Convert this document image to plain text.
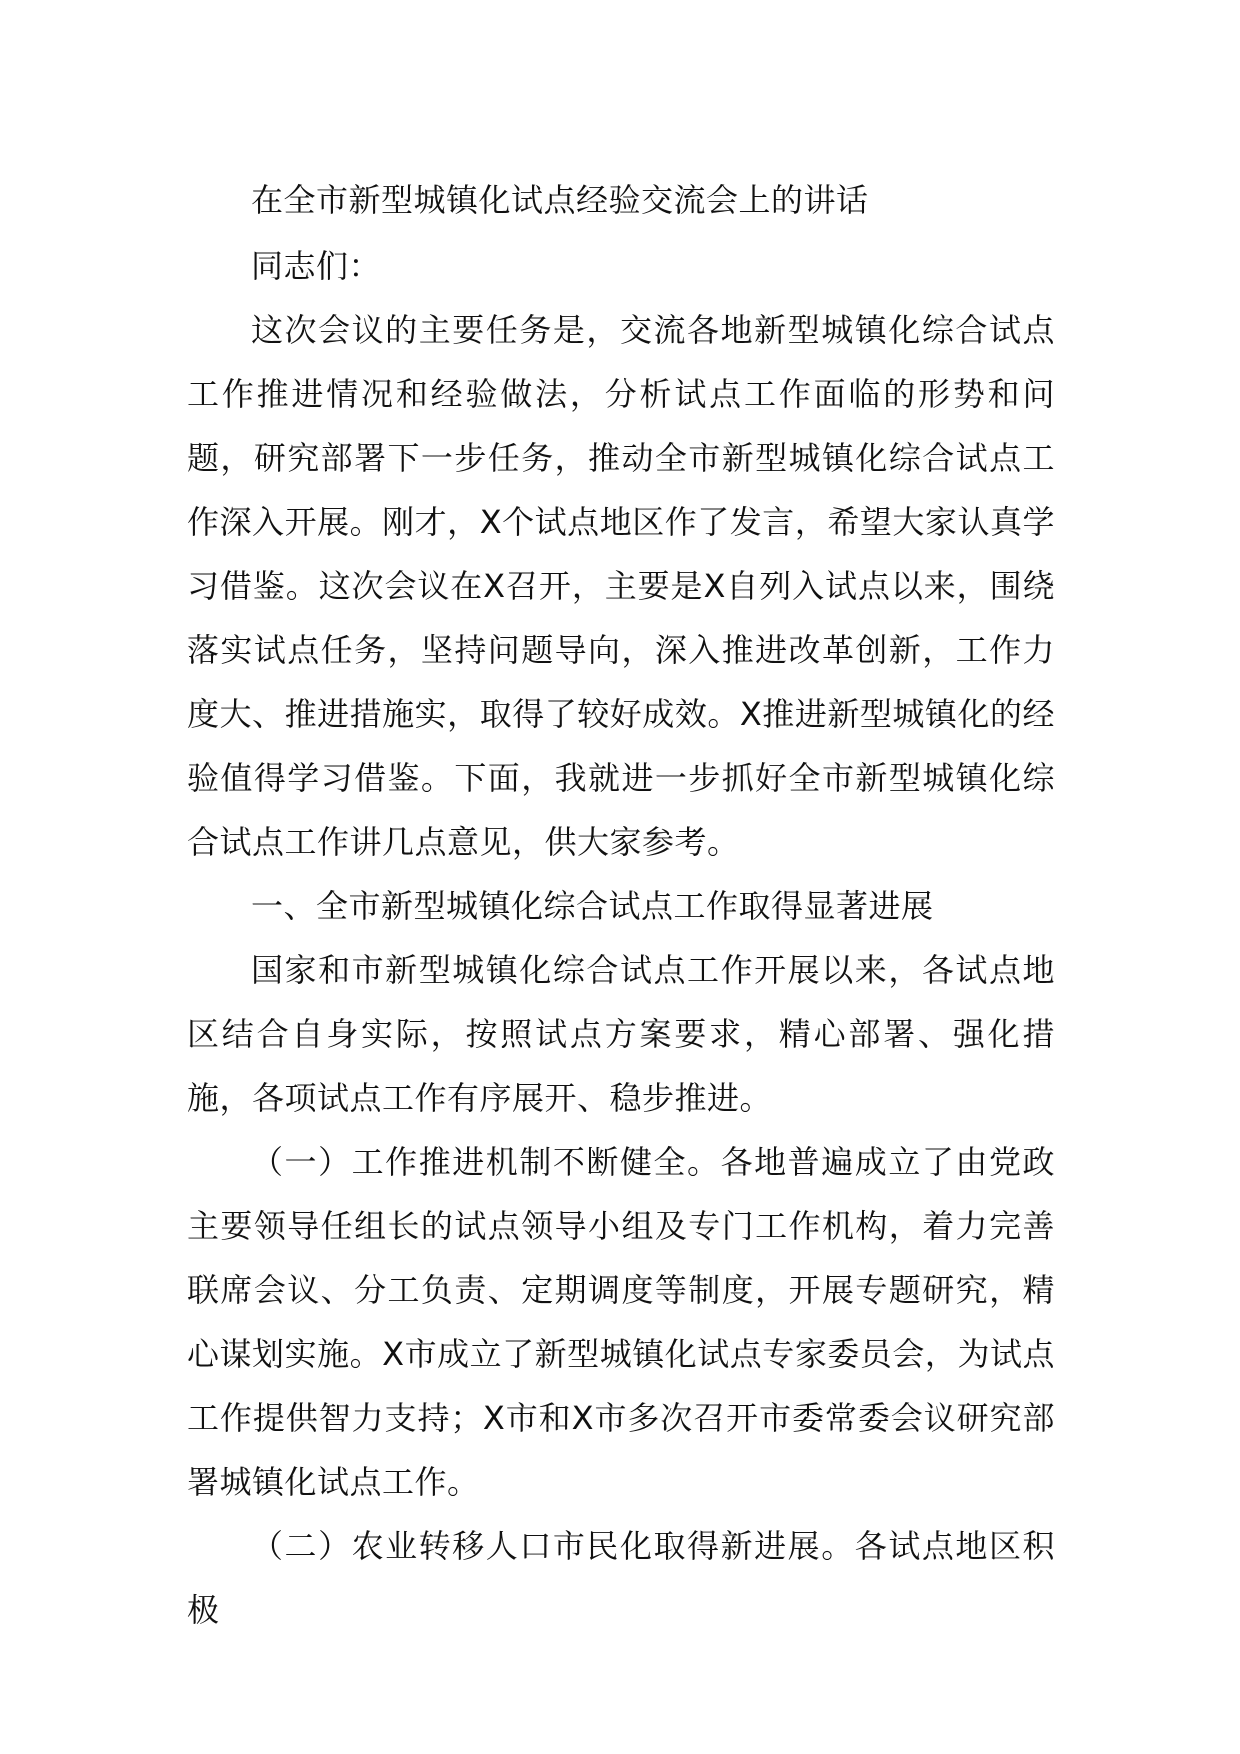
在全市新型城镇化试点经验交流会上的讲话

同志们：

这次会议的主要任务是，交流各地新型城镇化综合试点工作推进情况和经验做法，分析试点工作面临的形势和问题，研究部署下一步任务，推动全市新型城镇化综合试点工作深入开展。刚才，X个试点地区作了发言，希望大家认真学习借鉴。这次会议在X召开，主要是X自列入试点以来，围绕落实试点任务，坚持问题导向，深入推进改革创新，工作力度大、推进措施实，取得了较好成效。X推进新型城镇化的经验值得学习借鉴。下面，我就进一步抓好全市新型城镇化综合试点工作讲几点意见，供大家参考。

一、全市新型城镇化综合试点工作取得显著进展

国家和市新型城镇化综合试点工作开展以来，各试点地区结合自身实际，按照试点方案要求，精心部署、强化措施，各项试点工作有序展开、稳步推进。

（一）工作推进机制不断健全。各地普遍成立了由党政主要领导任组长的试点领导小组及专门工作机构，着力完善联席会议、分工负责、定期调度等制度，开展专题研究，精心谋划实施。X市成立了新型城镇化试点专家委员会，为试点工作提供智力支持；X市和X市多次召开市委常委会议研究部署城镇化试点工作。

（二）农业转移人口市民化取得新进展。各试点地区积极
